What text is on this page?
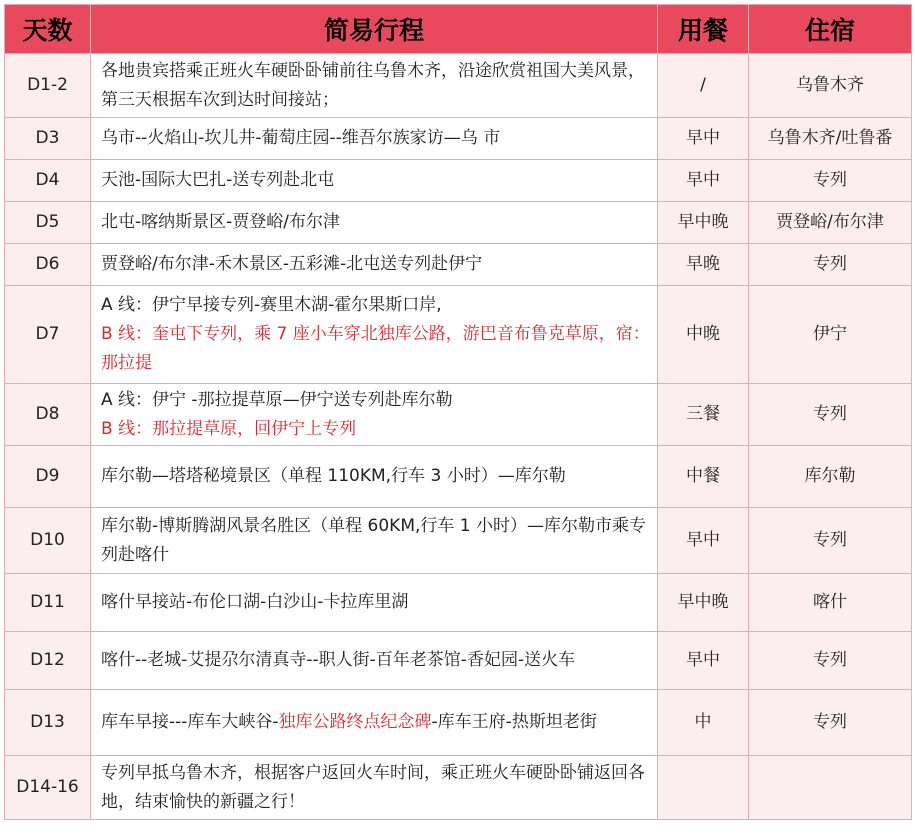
天数	简易行程	用餐	住宿
D1-2	各地贵宾搭乘正班火车硬卧卧铺前往乌鲁木齐，沿途欣赏祖国大美风景，第三天根据车次到达时间接站；	/	乌鲁木齐
D3	乌市--火焰山-坎儿井-葡萄庄园--维吾尔族家访—乌 市	早中	乌鲁木齐/吐鲁番
D4	天池-国际大巴扎-送专列赴北屯	早中	专列
D5	北屯-喀纳斯景区-贾登峪/布尔津	早中晚	贾登峪/布尔津
D6	贾登峪/布尔津-禾木景区-五彩滩-北屯送专列赴伊宁	早晚	专列
D7	A 线：伊宁早接专列-赛里木湖-霍尔果斯口岸,
B 线：奎屯下专列，乘 7 座小车穿北独库公路，游巴音布鲁克草原，宿：那拉提	中晚	伊宁
D8	A 线：伊宁 -那拉提草原—伊宁送专列赴库尔勒
B 线：那拉提草原，回伊宁上专列	三餐	专列
D9	库尔勒—塔塔秘境景区（单程 110KM,行车 3 小时）—库尔勒	中餐	库尔勒
D10	库尔勒-博斯腾湖风景名胜区（单程 60KM,行车 1 小时）—库尔勒市乘专列赴喀什	早中	专列
D11	喀什早接站-布伦口湖-白沙山-卡拉库里湖	早中晚	喀什
D12	喀什--老城-艾提尕尔清真寺--职人街-百年老茶馆-香妃园-送火车	早中	专列
D13	库车早接---库车大峡谷-独库公路终点纪念碑-库车王府-热斯坦老街	中	专列
D14-16	专列早抵乌鲁木齐，根据客户返回火车时间，乘正班火车硬卧卧铺返回各地，结束愉快的新疆之行！		
